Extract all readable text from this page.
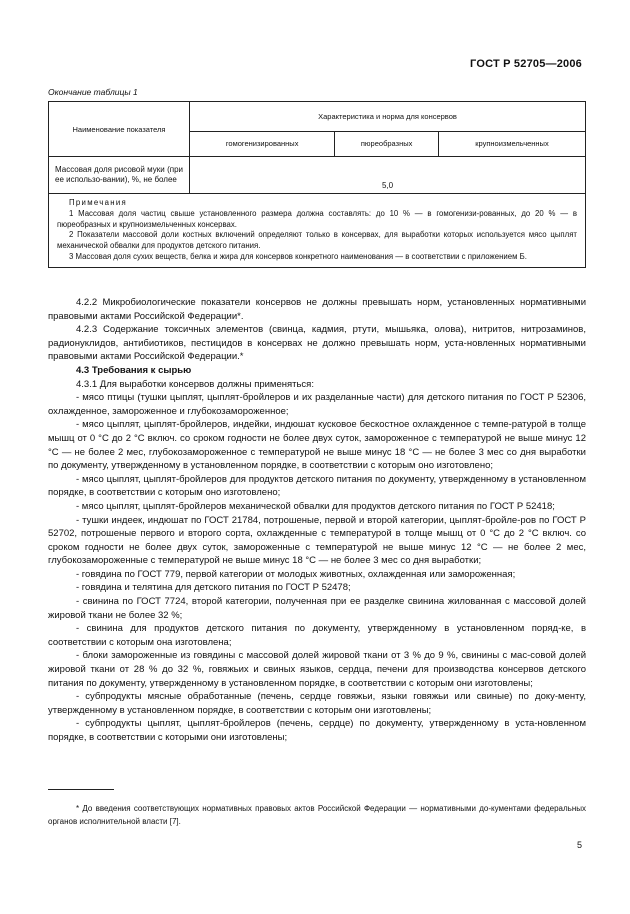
ГОСТ Р 52705—2006
Окончание таблицы 1
Наименование показателя	Характеристика и норма для консервов		
	гомогенизированных	пюреобразных	крупноизмельченных
Массовая доля рисовой муки (при ее использо-вании), %, не более	5,0		

Примечания
1 Массовая доля частиц свыше установленного размера должна составлять: до 10 % — в гомогенизи-рованных, до 20 % — в пюреобразных и крупноизмельченных консервах.
2 Показатели массовой доли костных включений определяют только в консервах, для выработки которых используется мясо цыплят механической обвалки для продуктов детского питания.
3 Массовая доля сухих веществ, белка и жира для консервов конкретного наименования — в соответствии с приложением Б.			

4.2.2 Микробиологические показатели консервов не должны превышать норм, установленных нормативными правовыми актами Российской Федерации*.

4.2.3 Содержание токсичных элементов (свинца, кадмия, ртути, мышьяка, олова), нитритов, нитрозаминов, радионуклидов, антибиотиков, пестицидов в консервах не должно превышать норм, уста-новленных нормативными правовыми актами Российской Федерации.*

4.3 Требования к сырью

4.3.1 Для выработки консервов должны применяться:

- мясо птицы (тушки цыплят, цыплят-бройлеров и их разделанные части) для детского питания по ГОСТ Р 52306, охлажденное, замороженное и глубокозамороженное;

- мясо цыплят, цыплят-бройлеров, индейки, индюшат кусковое бескостное охлажденное с темпе-ратурой в толще мышц от 0 °С до 2 °С включ. со сроком годности не более двух суток, замороженное с температурой не выше минус 12 °С — не более 2 мес, глубокозамороженное с температурой не выше минус 18 °С — не более 3 мес со дня выработки по документу, утвержденному в установленном порядке, в соответствии с которым оно изготовлено;

- мясо цыплят, цыплят-бройлеров для продуктов детского питания по документу, утвержденному в установленном порядке, в соответствии с которым оно изготовлено;

- мясо цыплят, цыплят-бройлеров механической обвалки для продуктов детского питания по ГОСТ Р 52418;

- тушки индеек, индюшат по ГОСТ 21784, потрошеные, первой и второй категории, цыплят-бройле-ров по ГОСТ Р 52702, потрошеные первого и второго сорта, охлажденные с температурой в толще мышц от 0 °С до 2 °С включ. со сроком годности не более двух суток, замороженные с температурой не выше минус 12 °С — не более 2 мес, глубокозамороженные с температурой не выше минус 18 °С — не более 3 мес со дня выработки;

- говядина по ГОСТ 779, первой категории от молодых животных, охлажденная или замороженная;

- говядина и телятина для детского питания по ГОСТ Р 52478;

- свинина по ГОСТ 7724, второй категории, полученная при ее разделке свинина жилованная с массовой долей жировой ткани не более 32 %;

- свинина для продуктов детского питания по документу, утвержденному в установленном поряд-ке, в соответствии с которым она изготовлена;

- блоки замороженные из говядины с массовой долей жировой ткани от 3 % до 9 %, свинины с мас-совой долей жировой ткани от 28 % до 32 %, говяжьих и свиных языков, сердца, печени для производства консервов детского питания по документу, утвержденному в установленном порядке, в соответствии с которым они изготовлены;

- субпродукты мясные обработанные (печень, сердце говяжьи, языки говяжьи или свиные) по доку-менту, утвержденному в установленном порядке, в соответствии с которым они изготовлены;

- субпродукты цыплят, цыплят-бройлеров (печень, сердце) по документу, утвержденному в уста-новленном порядке, в соответствии с которыми они изготовлены;

* До введения соответствующих нормативных правовых актов Российской Федерации — нормативными до-кументами федеральных органов исполнительной власти [7].
5
